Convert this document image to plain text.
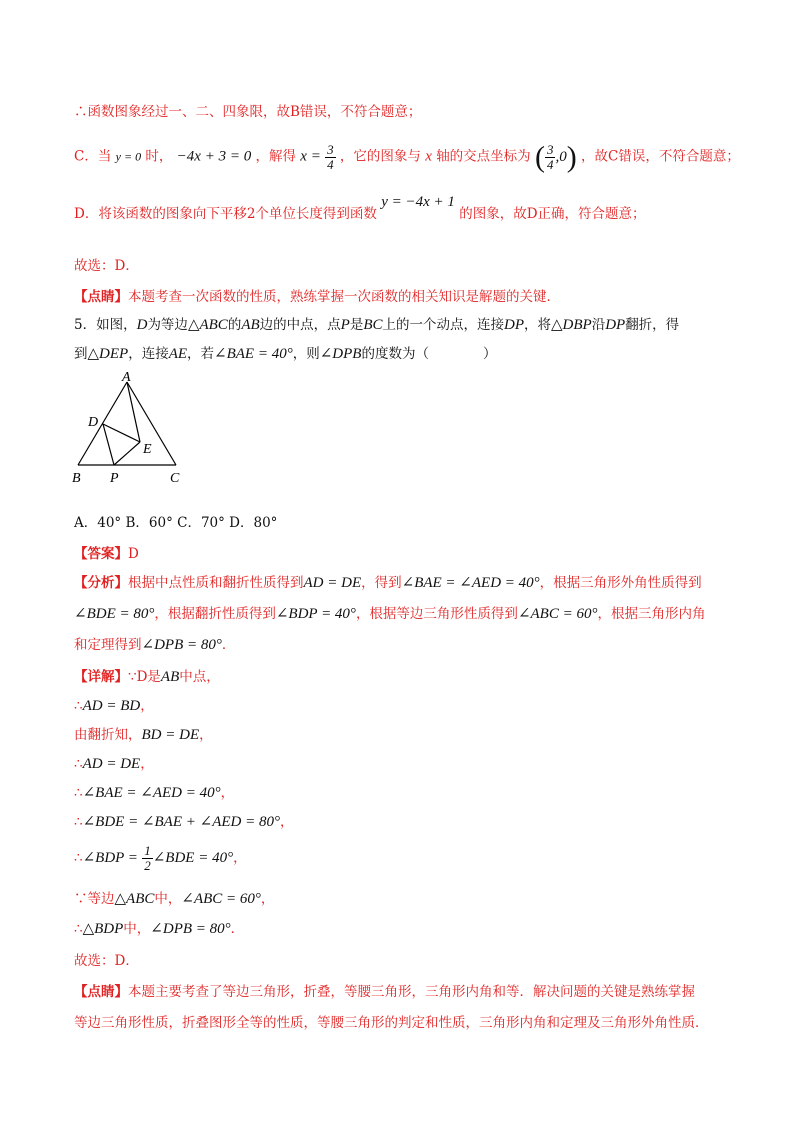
∴函数图象经过一、二、四象限，故B错误，不符合题意；
C．当 y = 0 时， −4x + 3 = 0 ，解得 $x = \frac{3}{4}$ ，它的图象与 x 轴的交点坐标为 ( $\frac{3}{4} ,0$) ，故C错误，不符合题意；
D．将该函数的图象向下平移2个单位长度得到函数 y = −4x + 1 的图象，故D正确，符合题意；
故选：D．
【点睛】本题考查一次函数的性质，熟练掌握一次函数的相关知识是解题的关键．
5．如图，D为等边△ABC的AB边的中点，点P是BC上的一个动点，连接DP，将△DBP沿DP翻折，得
到△DEP，连接AE，若∠BAE = 40°，则∠DPB的度数为（　　　　）
A
D
E
B P	C
A．40° B．60° C．70° D．80°
【答案】D
【分析】根据中点性质和翻折性质得到AD = DE，得到∠BAE = ∠AED = 40°，根据三角形外角性质得到
∠BDE = 80°，根据翻折性质得到∠BDP = 40°，根据等边三角形性质得到∠ABC = 60°，根据三角形内角
和定理得到∠DPB = 80°．
【详解】∵D是AB中点，
∴AD = BD，
由翻折知，BD = DE，
∴AD = DE，
∴∠BAE = ∠AED = 40°，
∴∠BDE = ∠BAE + ∠AED = 80°，
∴∠BDP = $\frac{1}{2}$ ∠BDE = 40°，
∵等边△ABC中，∠ABC = 60°，
∴△BDP中，∠DPB = 80°．
故选：D．
【点睛】本题主要考查了等边三角形，折叠，等腰三角形，三角形内角和等．解决问题的关键是熟练掌握
等边三角形性质，折叠图形全等的性质，等腰三角形的判定和性质，三角形内角和定理及三角形外角性质．
